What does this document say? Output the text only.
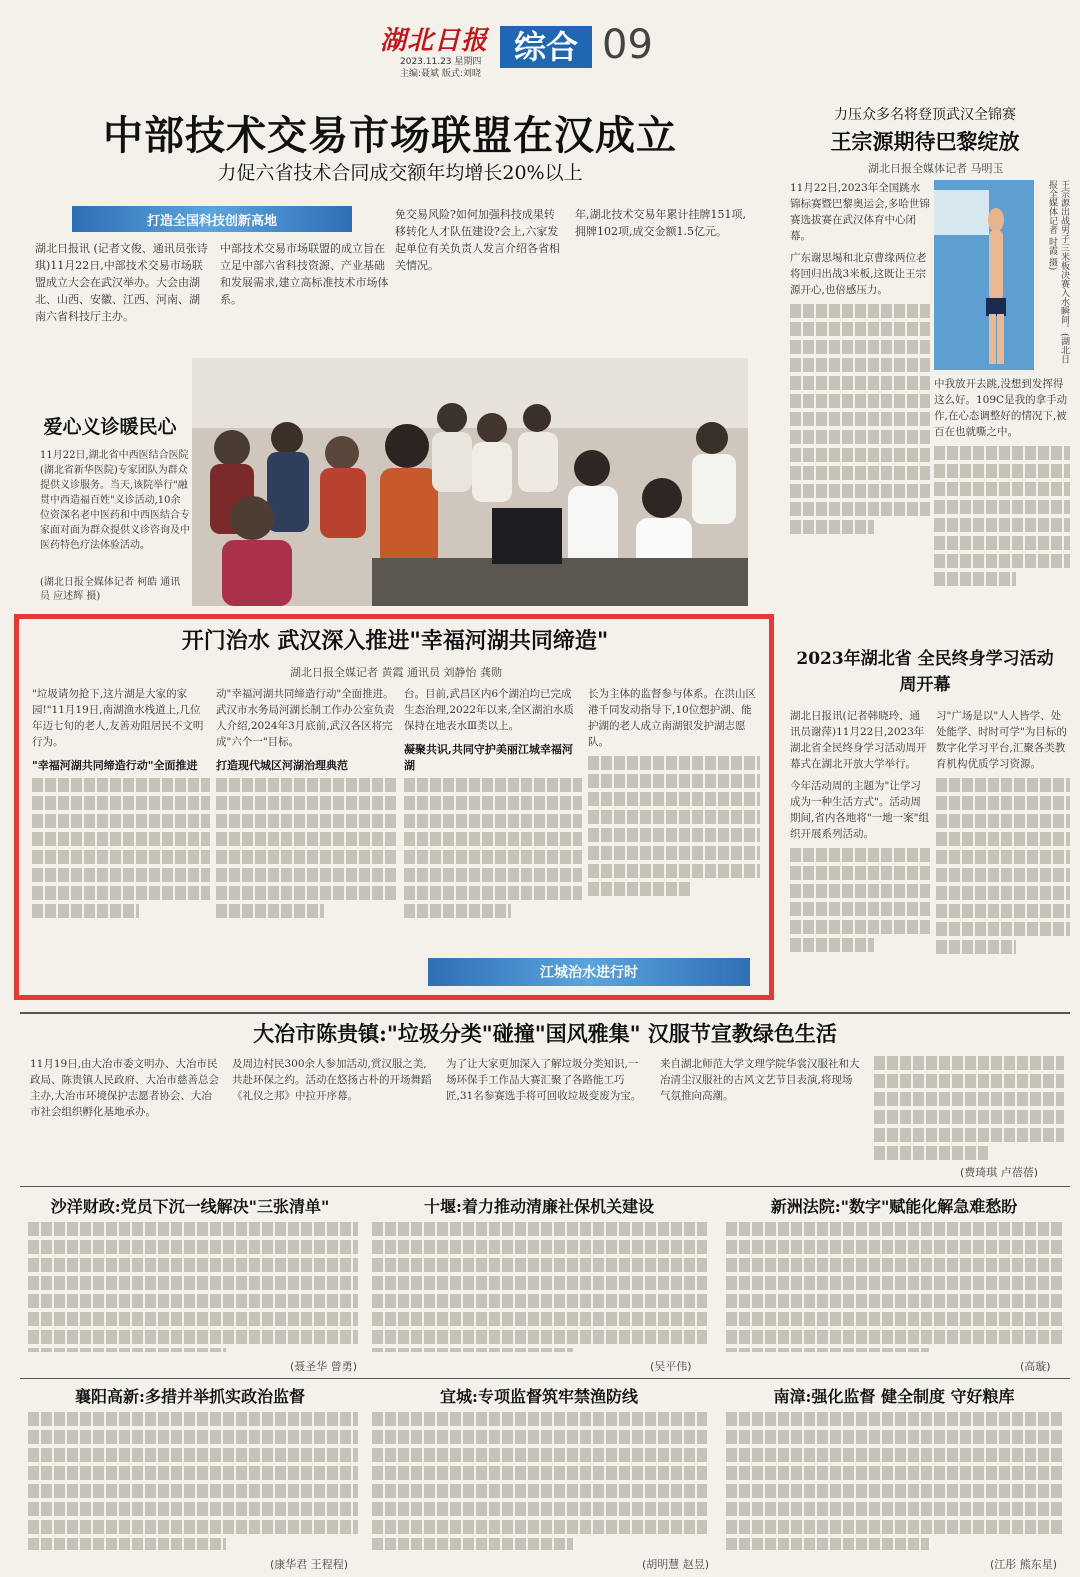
湖北日报
2023.11.23 星期四
主编:聂斌 版式:刘晓
综合 09
中部技术交易市场联盟在汉成立
力促六省技术合同成交额年均增长20%以上
打造全国科技创新高地

湖北日报讯 (记者文俊、通讯员张诗琪)11月22日,中部技术交易市场联盟成立大会在武汉举办。大会由湖北、山西、安徽、江西、河南、湖南六省科技厅主办。

中部技术交易市场联盟的成立旨在立足中部六省科技资源、产业基础和发展需求,建立高标准技术市场体系。

免交易风险?如何加强科技成果转移转化人才队伍建设?会上,六家发起单位有关负责人发言介绍各省相关情况。

年,湖北技术交易年累计挂牌151项,拥牌102项,成交金额1.5亿元。

爱心义诊暖民心

11月22日,湖北省中西医结合医院(湖北省新华医院)专家团队为群众提供义诊服务。当天,该院举行"融贯中西造福百姓"义诊活动,10余位资深名老中医药和中西医结合专家面对面为群众提供义诊咨询及中医药特色疗法体验活动。

(湖北日报全媒体记者 柯皓 通讯员 应述辉 摄)
开门治水 武汉深入推进"幸福河湖共同缔造"
湖北日报全媒记者 黄霞 通讯员 刘静怡 龚勋

"垃圾请勿抢下,这片湖是大家的家园!"11月19日,南湖渔水栈道上,几位年迈七旬的老人,友善劝阻居民不文明行为。

"幸福河湖共同缔造行动"全面推进

动"幸福河湖共同缔造行动"全面推进。武汉市水务局河湖长制工作办公室负责人介绍,2024年3月底前,武汉各区将完成"六个一"目标。

打造现代城区河湖治理典范

台。目前,武昌区内6个湖泊均已完成生态治理,2022年以来,全区湖泊水质保持在地表水Ⅲ类以上。

凝聚共识,共同守护美丽江城幸福河湖

长为主体的监督参与体系。在洪山区港千同发动指导下,10位想护湖、能护湖的老人成立南湖银发护湖志愿队。

江城治水进行时
力压众多名将登顶武汉全锦赛
王宗源期待巴黎绽放
湖北日报全媒体记者 马明玉

11月22日,2023年全国跳水锦标赛暨巴黎奥运会,多哈世锦赛选拔赛在武汉体育中心闭幕。

广东谢思埸和北京曹缘两位老将回归出战3米板,这既让王宗源开心,也倍感压力。	王宗源出战男子三米板决赛入水瞬间。(湖北日报全媒体记者 时霞 摄)

中我放开去跳,没想到发挥得这么好。109C是我的拿手动作,在心态调整好的情况下,被百在也就嘶之中。

2023年湖北省 全民终身学习活动周开幕

湖北日报讯(记者韩晓玲、通讯员谢萍)11月22日,2023年湖北省全民终身学习活动周开幕式在湖北开放大学举行。

今年活动周的主题为"让学习成为一种生活方式"。活动周期间,省内各地将"一地一案"组织开展系列活动。

习"广场是以"人人皆学、处处能学、时时可学"为目标的数字化学习平台,汇聚各类教育机构优质学习资源。

大冶市陈贵镇:"垃圾分类"碰撞"国风雅集" 汉服节宣教绿色生活

11月19日,由大冶市委文明办、大冶市民政局、陈贵镇人民政府、大冶市慈善总会主办,大冶市环境保护志愿者协会、大冶市社会组织孵化基地承办。

及周边村民300余人参加活动,赏汉服之美,共赴环保之约。活动在悠扬古朴的开场舞蹈《礼仪之邦》中拉开序幕。

为了让大家更加深入了解垃圾分类知识,一场环保手工作品大赛汇聚了各路能工巧匠,31名参赛选手将可回收垃圾变废为宝。

来自湖北师范大学文理学院华裳汉服社和大冶清尘汉服社的古风文艺节目表演,将现场气氛推向高潮。

(费琦琪 卢蓓蓓)
沙洋财政:党员下沉一线解决"三张清单"
(聂圣华 曾勇)
十堰:着力推动清廉社保机关建设
(吴平伟)
新洲法院:"数字"赋能化解急难愁盼
(高璇)
襄阳高新:多措并举抓实政治监督
(康华君 王程程)
宜城:专项监督筑牢禁渔防线
(胡明慧 赵昱)
南漳:强化监督 健全制度 守好粮库
(江彤 熊东星)
